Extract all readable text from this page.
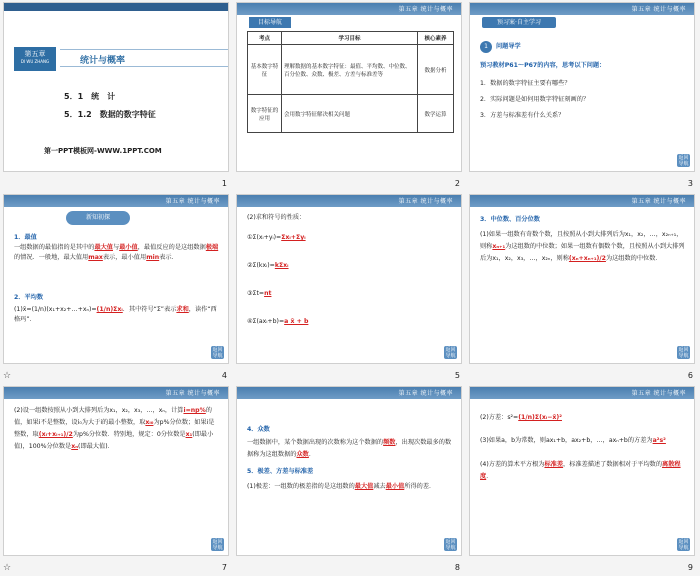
第五章
DI WU ZHANG	统计与概率
5．1　统　计
5．1.2　数据的数字特征
第一PPT模板网-WWW.1PPT.COM
1
第五章 统计与概率
目标导航
考点	学习目标	核心素养
基本数字特征	理解数据的基本数字特征：最值、平均数、中位数、百分位数、众数、极差、方差与标准差等	数据分析
数字特征的应用	会用数字特征解决相关问题	数学运算
2
第五章 统计与概率
预习案·自主学习
1	问题导学
预习教材P61～P67的内容，思考以下问题：
1．数据的数字特征主要有哪些？
2．实际问题是如何用数字特征刻画的？
3．方差与标准差有什么关系？
返回导航
3
第五章 统计与概率
新知初探
1．最值
一组数据的最值指的是其中的最大值与最小值，最值反应的是这组数据极端的情况．一般地，最大值用max表示，最小值用min表示．
2．平均数
(1)x̄=(1/n)(x₁+x₂+…+xₙ)=(1/n)Σxᵢ．其中符号“Σ”表示求和，读作“西格玛”．
返回导航
☆	4
第五章 统计与概率
(2)求和符号的性质：
①Σ(xᵢ+yᵢ)=Σxᵢ+Σyᵢ
②Σ(kxᵢ)=kΣxᵢ
③Σt=nt
④Σ(axᵢ+b)=a x̄ + b
返回导航
5
第五章 统计与概率
3．中位数、百分位数
(1)如果一组数有奇数个数，且按照从小到大排列后为x₁，x₂，…，x₂ₙ₊₁，则称xₙ₊₁为这组数的中位数；如果一组数有偶数个数，且按照从小到大排列后为x₁，x₂，x₃，…，x₂ₙ，则称(xₙ+xₙ₊₁)/2为这组数的中位数．
返回导航
6
第五章 统计与概率
(2)设一组数按照从小到大排列后为x₁，x₂，x₃，…，xₙ，计算i=np%的值，如果i不是整数，设i₀为大于i的最小整数，取xᵢ₀为p%分位数；如果i是整数，取(xᵢ+xᵢ₊₁)/2为p%分位数．特别地，规定：0分位数是x₁(即最小值)，100%分位数是xₙ(即最大值)．
返回导航
☆	7
第五章 统计与概率
4．众数
一组数据中，某个数据出现的次数称为这个数据的频数，出现次数最多的数据称为这组数据的众数．
5．极差、方差与标准差
(1)极差：一组数的极差指的是这组数的最大值减去最小值所得的差．
返回导航
8
第五章 统计与概率
(2)方差：s²=(1/n)Σ(xᵢ−x̄)²
(3)如果a，b为常数，则ax₁+b，ax₂+b，…，axₙ+b的方差为a²s²
(4)方差的算术平方根为标准差，标准差描述了数据相对于平均数的离散程度．
返回导航
9
